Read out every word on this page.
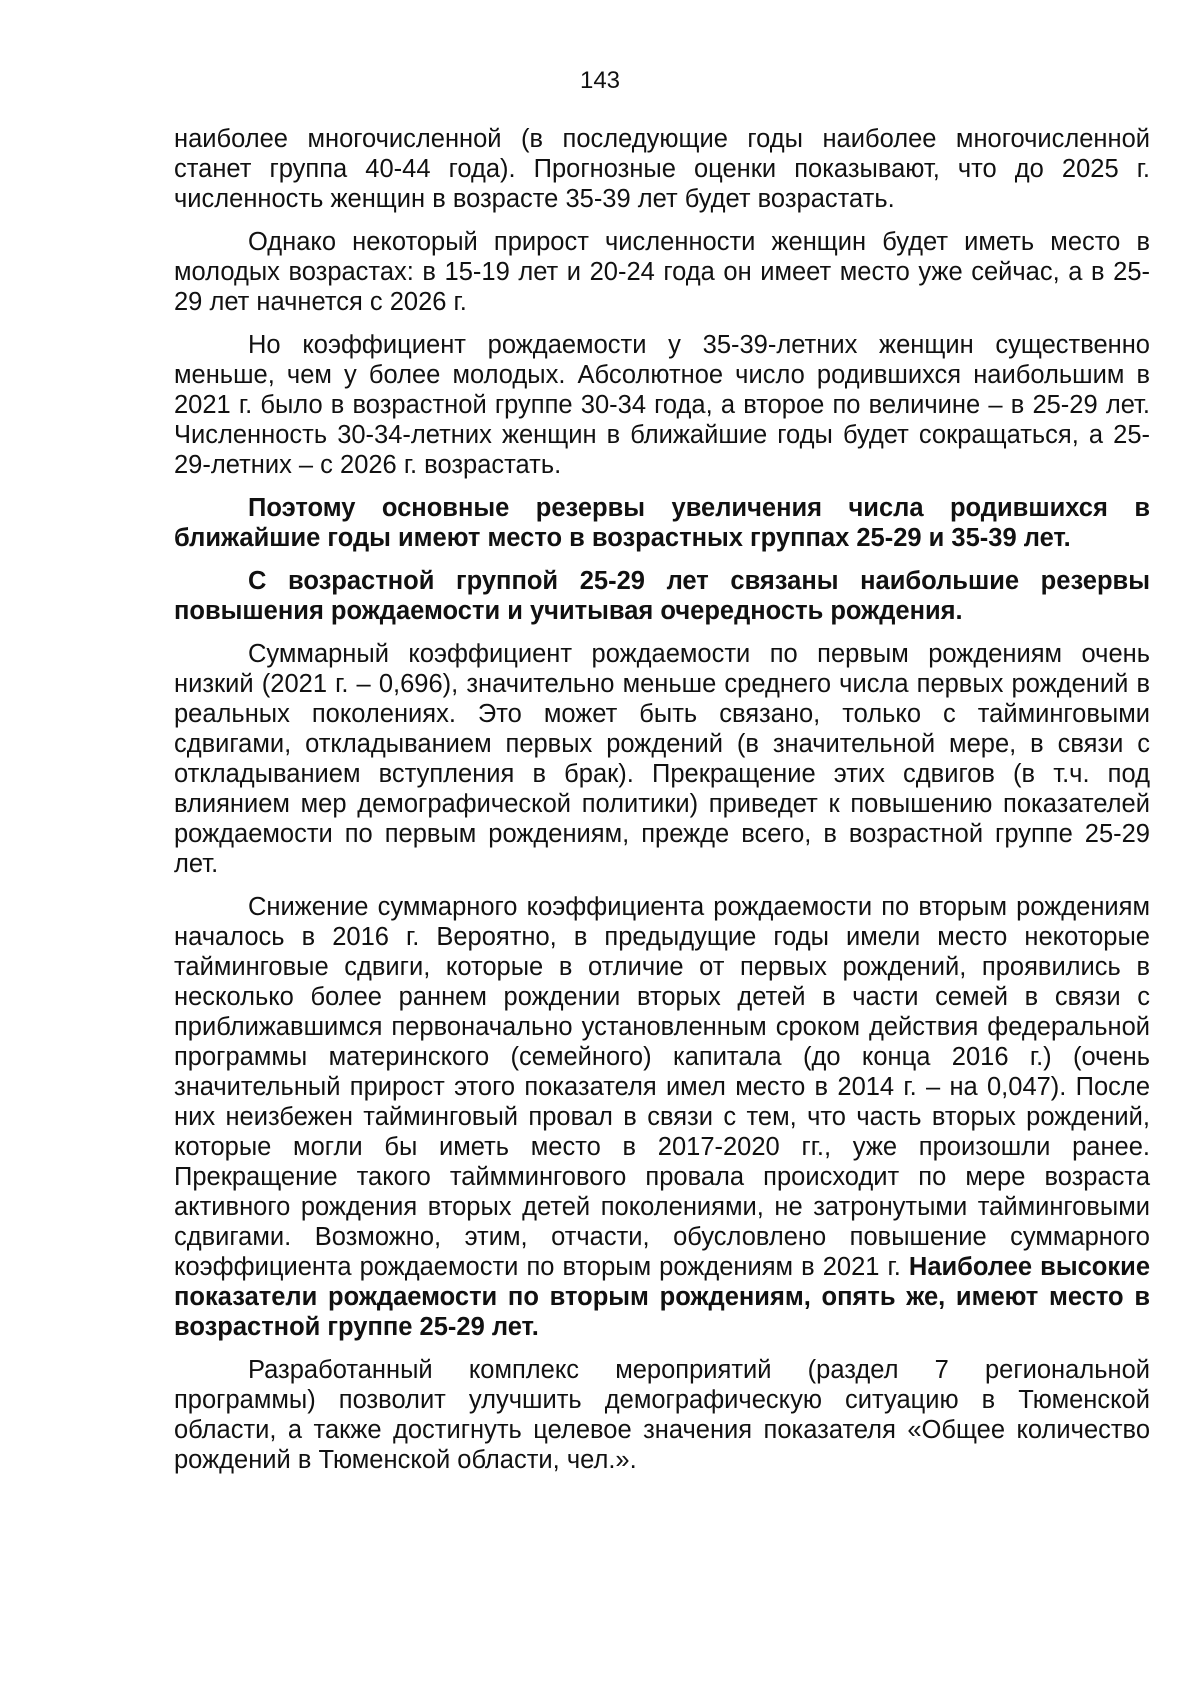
143

наиболее многочисленной (в последующие годы наиболее многочисленной станет группа 40-44 года). Прогнозные оценки показывают, что до 2025 г. численность женщин в возрасте 35-39 лет будет возрастать.

Однако некоторый прирост численности женщин будет иметь место в молодых возрастах: в 15-19 лет и 20-24 года он имеет место уже сейчас, а в 25-29 лет начнется с 2026 г.

Но коэффициент рождаемости у 35-39-летних женщин существенно меньше, чем у более молодых. Абсолютное число родившихся наибольшим в 2021 г. было в возрастной группе 30-34 года, а второе по величине – в 25-29 лет. Численность 30-34-летних женщин в ближайшие годы будет сокращаться, а 25-29-летних – с 2026 г. возрастать.

Поэтому основные резервы увеличения числа родившихся в ближайшие годы имеют место в возрастных группах 25-29 и 35-39 лет.

С возрастной группой 25-29 лет связаны наибольшие резервы повышения рождаемости и учитывая очередность рождения.

Суммарный коэффициент рождаемости по первым рождениям очень низкий (2021 г. – 0,696), значительно меньше среднего числа первых рождений в реальных поколениях. Это может быть связано, только с тайминговыми сдвигами, откладыванием первых рождений (в значительной мере, в связи с откладыванием вступления в брак). Прекращение этих сдвигов (в т.ч. под влиянием мер демографической политики) приведет к повышению показателей рождаемости по первым рождениям, прежде всего, в возрастной группе 25-29 лет.

Снижение суммарного коэффициента рождаемости по вторым рождениям началось в 2016 г. Вероятно, в предыдущие годы имели место некоторые тайминговые сдвиги, которые в отличие от первых рождений, проявились в несколько более раннем рождении вторых детей в части семей в связи с приближавшимся первоначально установленным сроком действия федеральной программы материнского (семейного) капитала (до конца 2016 г.) (очень значительный прирост этого показателя имел место в 2014 г. – на 0,047). После них неизбежен тайминговый провал в связи с тем, что часть вторых рождений, которые могли бы иметь место в 2017-2020 гг., уже произошли ранее. Прекращение такого тайммингового провала происходит по мере возраста активного рождения вторых детей поколениями, не затронутыми тайминговыми сдвигами. Возможно, этим, отчасти, обусловлено повышение суммарного коэффициента рождаемости по вторым рождениям в 2021 г. Наиболее высокие показатели рождаемости по вторым рождениям, опять же, имеют место в возрастной группе 25-29 лет.

Разработанный комплекс мероприятий (раздел 7 региональной программы) позволит улучшить демографическую ситуацию в Тюменской области, а также достигнуть целевое значения показателя «Общее количество рождений в Тюменской области, чел.».
